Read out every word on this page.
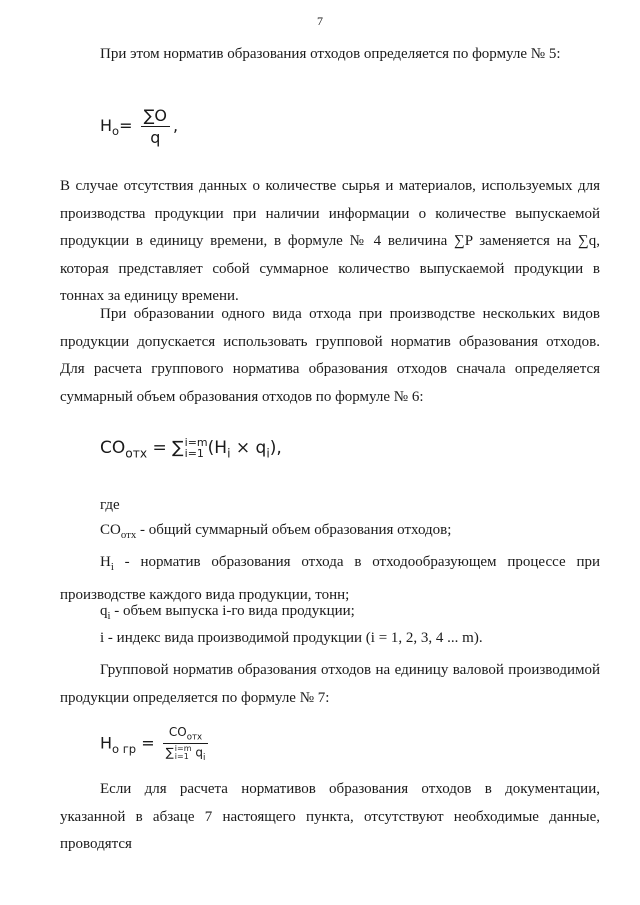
7

При этом норматив образования отходов определяется по формуле № 5:

$Н_о= \frac{\sum О}{q}$ ,

В случае отсутствия данных о количестве сырья и материалов, используемых для производства продукции при наличии информации о количестве выпускаемой продукции в единицу времени, в формуле № 4 величина ∑P заменяется на ∑q, которая представляет собой суммарное количество выпускаемой продукции в тоннах за единицу времени.

При образовании одного вида отхода при производстве нескольких видов продукции допускается использовать групповой норматив образования отходов. Для расчета группового норматива образования отходов сначала определяется суммарный объем образования отходов по формуле № 6:

$СО_{отх}$ = ∑ i=m
i=1 $(Н_i \times q_i)$,

где

$СО_{отх}$ - общий суммарный объем образования отходов;

$Н_i$ - норматив образования отхода в отходообразующем процессе при производстве каждого вида продукции, тонн;

$q_i$ - объем выпуска i-го вида продукции;

i - индекс вида производимой продукции (i = 1, 2, 3, 4 ... m).

Групповой норматив образования отходов на единицу валовой производимой продукции определяется по формуле № 7:

$Н_{о гр} = СО_{отх}$
∑ i=m
i=1 $q_i$

Если для расчета нормативов образования отходов в документации, указанной в абзаце 7 настоящего пункта, отсутствуют необходимые данные, проводятся
